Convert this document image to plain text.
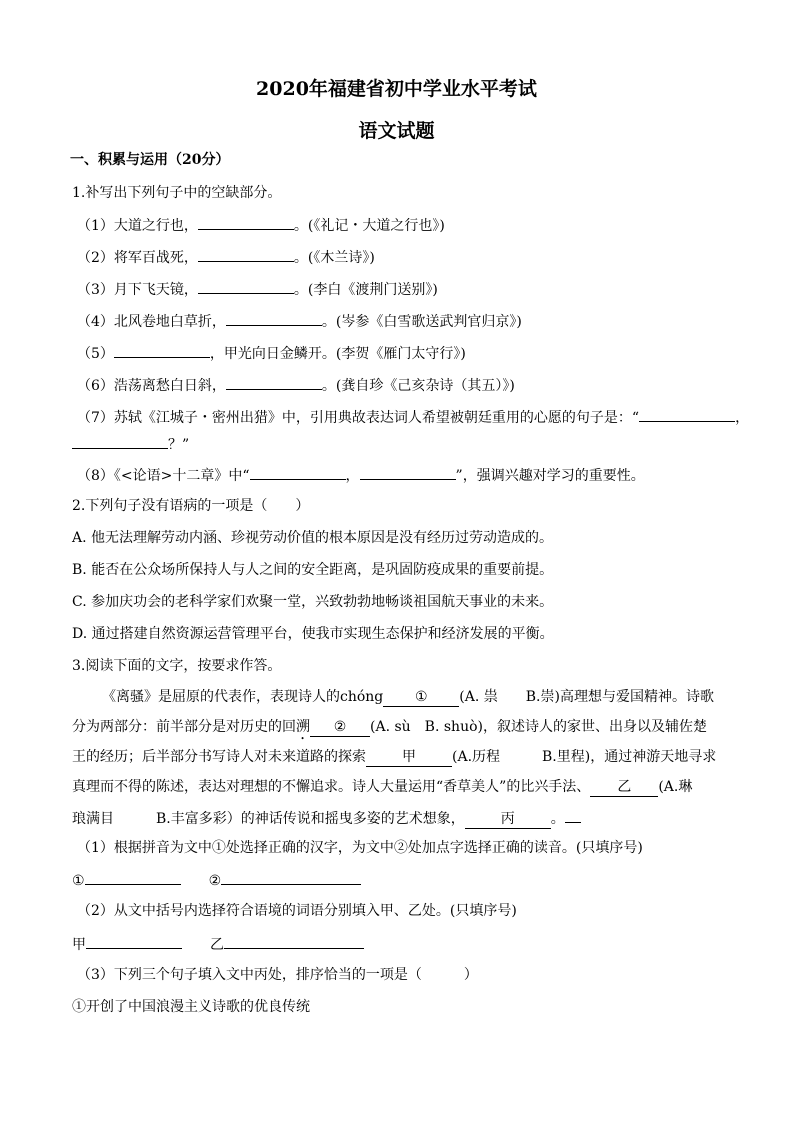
2020年福建省初中学业水平考试
语文试题
一、积累与运用（20分）
1.补写出下列句子中的空缺部分。
（1）大道之行也，	。(《礼记・大道之行也》)
（2）将军百战死，	。(《木兰诗》)
（3）月下飞天镜，	。(李白《渡荆门送别》)
（4）北风卷地白草折，	。(岑参《白雪歌送武判官归京》)
（5）	，甲光向日金鳞开。(李贺《雁门太守行》)
（6）浩荡离愁白日斜，	。(龚自珍《己亥杂诗（其五）》)
（7）苏轼《江城子・密州出猎》中，引用典故表达词人希望被朝廷重用的心愿的句子是：“	，
？”
（8）《<论语>十二章》中“	，	”，强调兴趣对学习的重要性。
2.下列句子没有语病的一项是（　　）
A. 他无法理解劳动内涵、珍视劳动价值的根本原因是没有经历过劳动造成的。
B. 能否在公众场所保持人与人之间的安全距离，是巩固防疫成果的重要前提。
C. 参加庆功会的老科学家们欢聚一堂，兴致勃勃地畅谈祖国航天事业的未来。
D. 通过搭建自然资源运营管理平台，使我市实现生态保护和经济发展的平衡。
3.阅读下面的文字，按要求作答。
《离骚》是屈原的代表作，表现诗人的chóng ① (A. 祟　　B.崇)高理想与爱国精神。诗歌
分为两部分：前半部分是对历史的回溯 ② (A. sù　B. shuò)，叙述诗人的家世、出身以及辅佐楚
王的经历；后半部分书写诗人对未来道路的探索	甲	(A.历程　　　B.里程)，通过神游天地寻求
真理而不得的陈述，表达对理想的不懈追求。诗人大量运用“香草美人”的比兴手法、 乙 (A.琳
琅满目　　　B.丰富多彩）的神话传说和摇曳多姿的艺术想象，	丙	。
（1）根据拼音为文中①处选择正确的汉字，为文中②处加点字选择正确的读音。(只填序号)
①	②
（2）从文中括号内选择符合语境的词语分别填入甲、乙处。(只填序号)
甲	乙
（3）下列三个句子填入文中丙处，排序恰当的一项是（　　　）
①开创了中国浪漫主义诗歌的优良传统
